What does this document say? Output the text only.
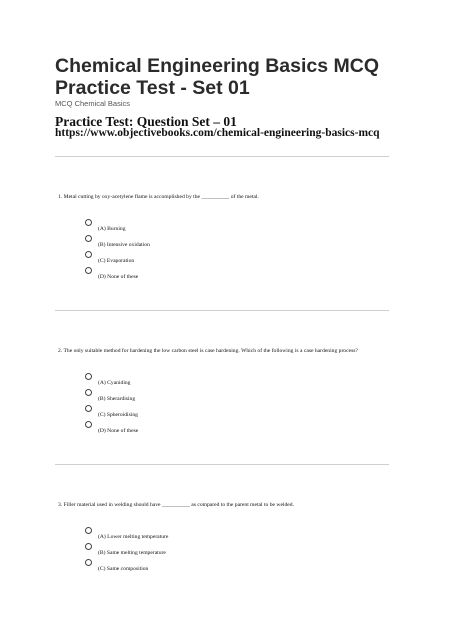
Chemical Engineering Basics MCQ Practice Test - Set 01
MCQ Chemical Basics
Practice Test: Question Set – 01
https://www.objectivebooks.com/chemical-engineering-basics-mcq
1. Metal cutting by oxy-acetylene flame is accomplished by the __________ of the metal.
(A) Burning
(B) Intensive oxidation
(C) Evaporation
(D) None of these
2. The only suitable method for hardening the low carbon steel is case hardening. Which of the following is a case hardening process?
(A) Cyaniding
(B) Sherardising
(C) Spheroidising
(D) None of these
3. Filler material used in welding should have __________ as compared to the parent metal to be welded.
(A) Lower melting temperature
(B) Same melting temperature
(C) Same composition
